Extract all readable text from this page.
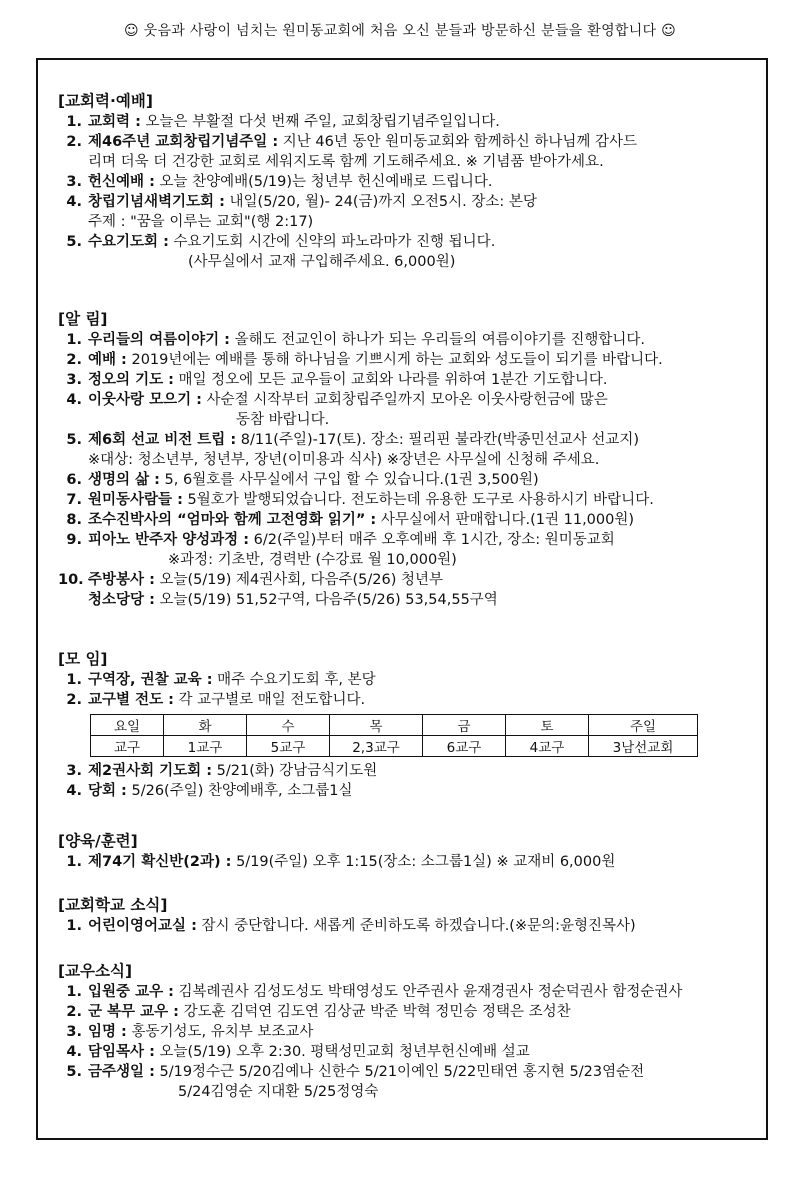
☺ 웃음과 사랑이 넘치는 원미동교회에 처음 오신 분들과 방문하신 분들을 환영합니다 ☺
[교회력·예배]
1. 교회력 : 오늘은 부활절 다섯 번째 주일, 교회창립기념주일입니다.
2. 제46주년 교회창립기념주일 : 지난 46년 동안 원미동교회와 함께하신 하나님께 감사드
리며 더욱 더 건강한 교회로 세워지도록 함께 기도해주세요. ※ 기념품 받아가세요.
3. 헌신예배 : 오늘 찬양예배(5/19)는 청년부 헌신예배로 드립니다.
4. 창립기념새벽기도회 : 내일(5/20, 월)- 24(금)까지 오전5시. 장소: 본당
주제 : "꿈을 이루는 교회"(행 2:17)
5. 수요기도회 : 수요기도회 시간에 신약의 파노라마가 진행 됩니다.
(사무실에서 교재 구입해주세요. 6,000원)
[알 림]
1. 우리들의 여름이야기 : 올해도 전교인이 하나가 되는 우리들의 여름이야기를 진행합니다.
2. 예배 : 2019년에는 예배를 통해 하나님을 기쁘시게 하는 교회와 성도들이 되기를 바랍니다.
3. 정오의 기도 : 매일 정오에 모든 교우들이 교회와 나라를 위하여 1분간 기도합니다.
4. 이웃사랑 모으기 : 사순절 시작부터 교회창립주일까지 모아온 이웃사랑헌금에 많은
동참 바랍니다.
5. 제6회 선교 비전 트립 : 8/11(주일)-17(토). 장소: 필리핀 불라칸(박종민선교사 선교지)
※대상: 청소년부, 청년부, 장년(이미용과 식사) ※장년은 사무실에 신청해 주세요.
6. 생명의 삶 : 5, 6월호를 사무실에서 구입 할 수 있습니다.(1권 3,500원)
7. 원미동사람들 : 5월호가 발행되었습니다. 전도하는데 유용한 도구로 사용하시기 바랍니다.
8. 조수진박사의 “엄마와 함께 고전영화 읽기” : 사무실에서 판매합니다.(1권 11,000원)
9. 피아노 반주자 양성과정 : 6/2(주일)부터 매주 오후예배 후 1시간, 장소: 원미동교회
※과정: 기초반, 경력반 (수강료 월 10,000원)
10. 주방봉사 : 오늘(5/19) 제4권사회, 다음주(5/26) 청년부
청소당당 : 오늘(5/19) 51,52구역, 다음주(5/26) 53,54,55구역
[모 임]
1. 구역장, 권찰 교육 : 매주 수요기도회 후, 본당
2. 교구별 전도 : 각 교구별로 매일 전도합니다.
요일	화	수	목	금	토	주일
교구	1교구	5교구	2,3교구	6교구	4교구	3남선교회
3. 제2권사회 기도회 : 5/21(화) 강남금식기도원
4. 당회 : 5/26(주일) 찬양예배후, 소그룹1실
[양육/훈련]
1. 제74기 확신반(2과) : 5/19(주일) 오후 1:15(장소: 소그룹1실) ※ 교재비 6,000원
[교회학교 소식]
1. 어린이영어교실 : 잠시 중단합니다. 새롭게 준비하도록 하겠습니다.(※문의:윤형진목사)
[교우소식]
1. 입원중 교우 : 김복례권사 김성도성도 박태영성도 안주권사 윤재경권사 정순덕권사 함정순권사
2. 군 복무 교우 : 강도훈 김덕연 김도연 김상균 박준 박혁 정민승 정택은 조성찬
3. 임명 : 홍동기성도, 유치부 보조교사
4. 담임목사 : 오늘(5/19) 오후 2:30. 평택성민교회 청년부헌신예배 설교
5. 금주생일 : 5/19정수근 5/20김예나 신한수 5/21이예인 5/22민태연 홍지현 5/23염순전
5/24김영순 지대환 5/25정영숙
